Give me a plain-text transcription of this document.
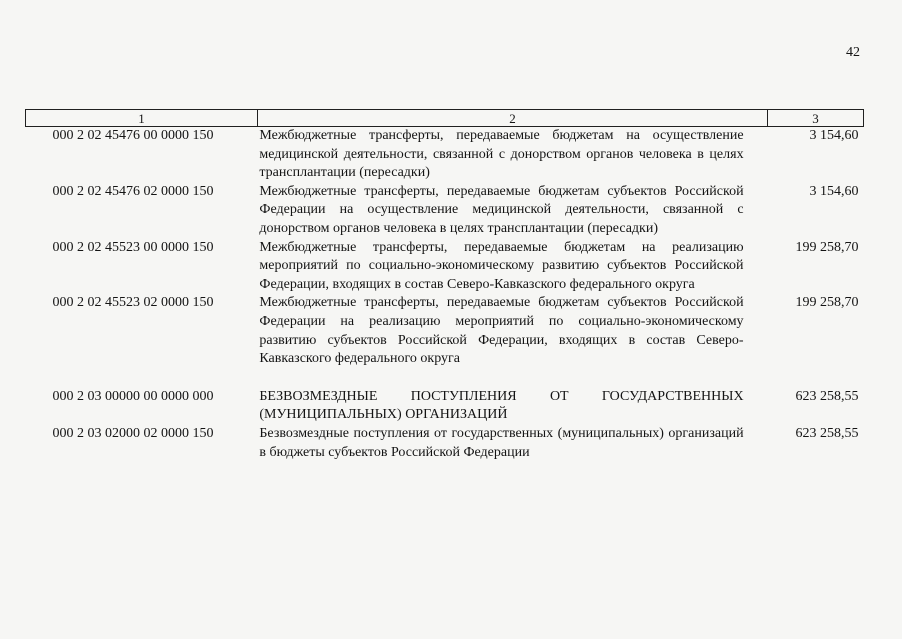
42
1	2	3
000 2 02 45476 00 0000 150	Межбюджетные трансферты, передаваемые бюджетам на осуществление медицинской деятельности, связанной с донорством органов человека в целях трансплантации (пересадки)	3 154,60
000 2 02 45476 02 0000 150	Межбюджетные трансферты, передаваемые бюджетам субъектов Российской Федерации на осуществление медицинской деятельности, связанной с донорством органов человека в целях трансплантации (пересадки)	3 154,60
000 2 02 45523 00 0000 150	Межбюджетные трансферты, передаваемые бюджетам на реализацию мероприятий по социально-экономическому развитию субъектов Российской Федерации, входящих в состав Северо-Кавказского федерального округа	199 258,70
000 2 02 45523 02 0000 150	Межбюджетные трансферты, передаваемые бюджетам субъектов Российской Федерации на реализацию мероприятий по социально-экономическому развитию субъектов Российской Федерации, входящих в состав Северо-Кавказского федерального округа	199 258,70

000 2 03 00000 00 0000 000	БЕЗВОЗМЕЗДНЫЕ ПОСТУПЛЕНИЯ ОТ ГОСУДАРСТВЕННЫХ (МУНИЦИПАЛЬНЫХ) ОРГАНИЗАЦИЙ	623 258,55
000 2 03 02000 02 0000 150	Безвозмездные поступления от государственных (муниципальных) организаций в бюджеты субъектов Российской Федерации	623 258,55
